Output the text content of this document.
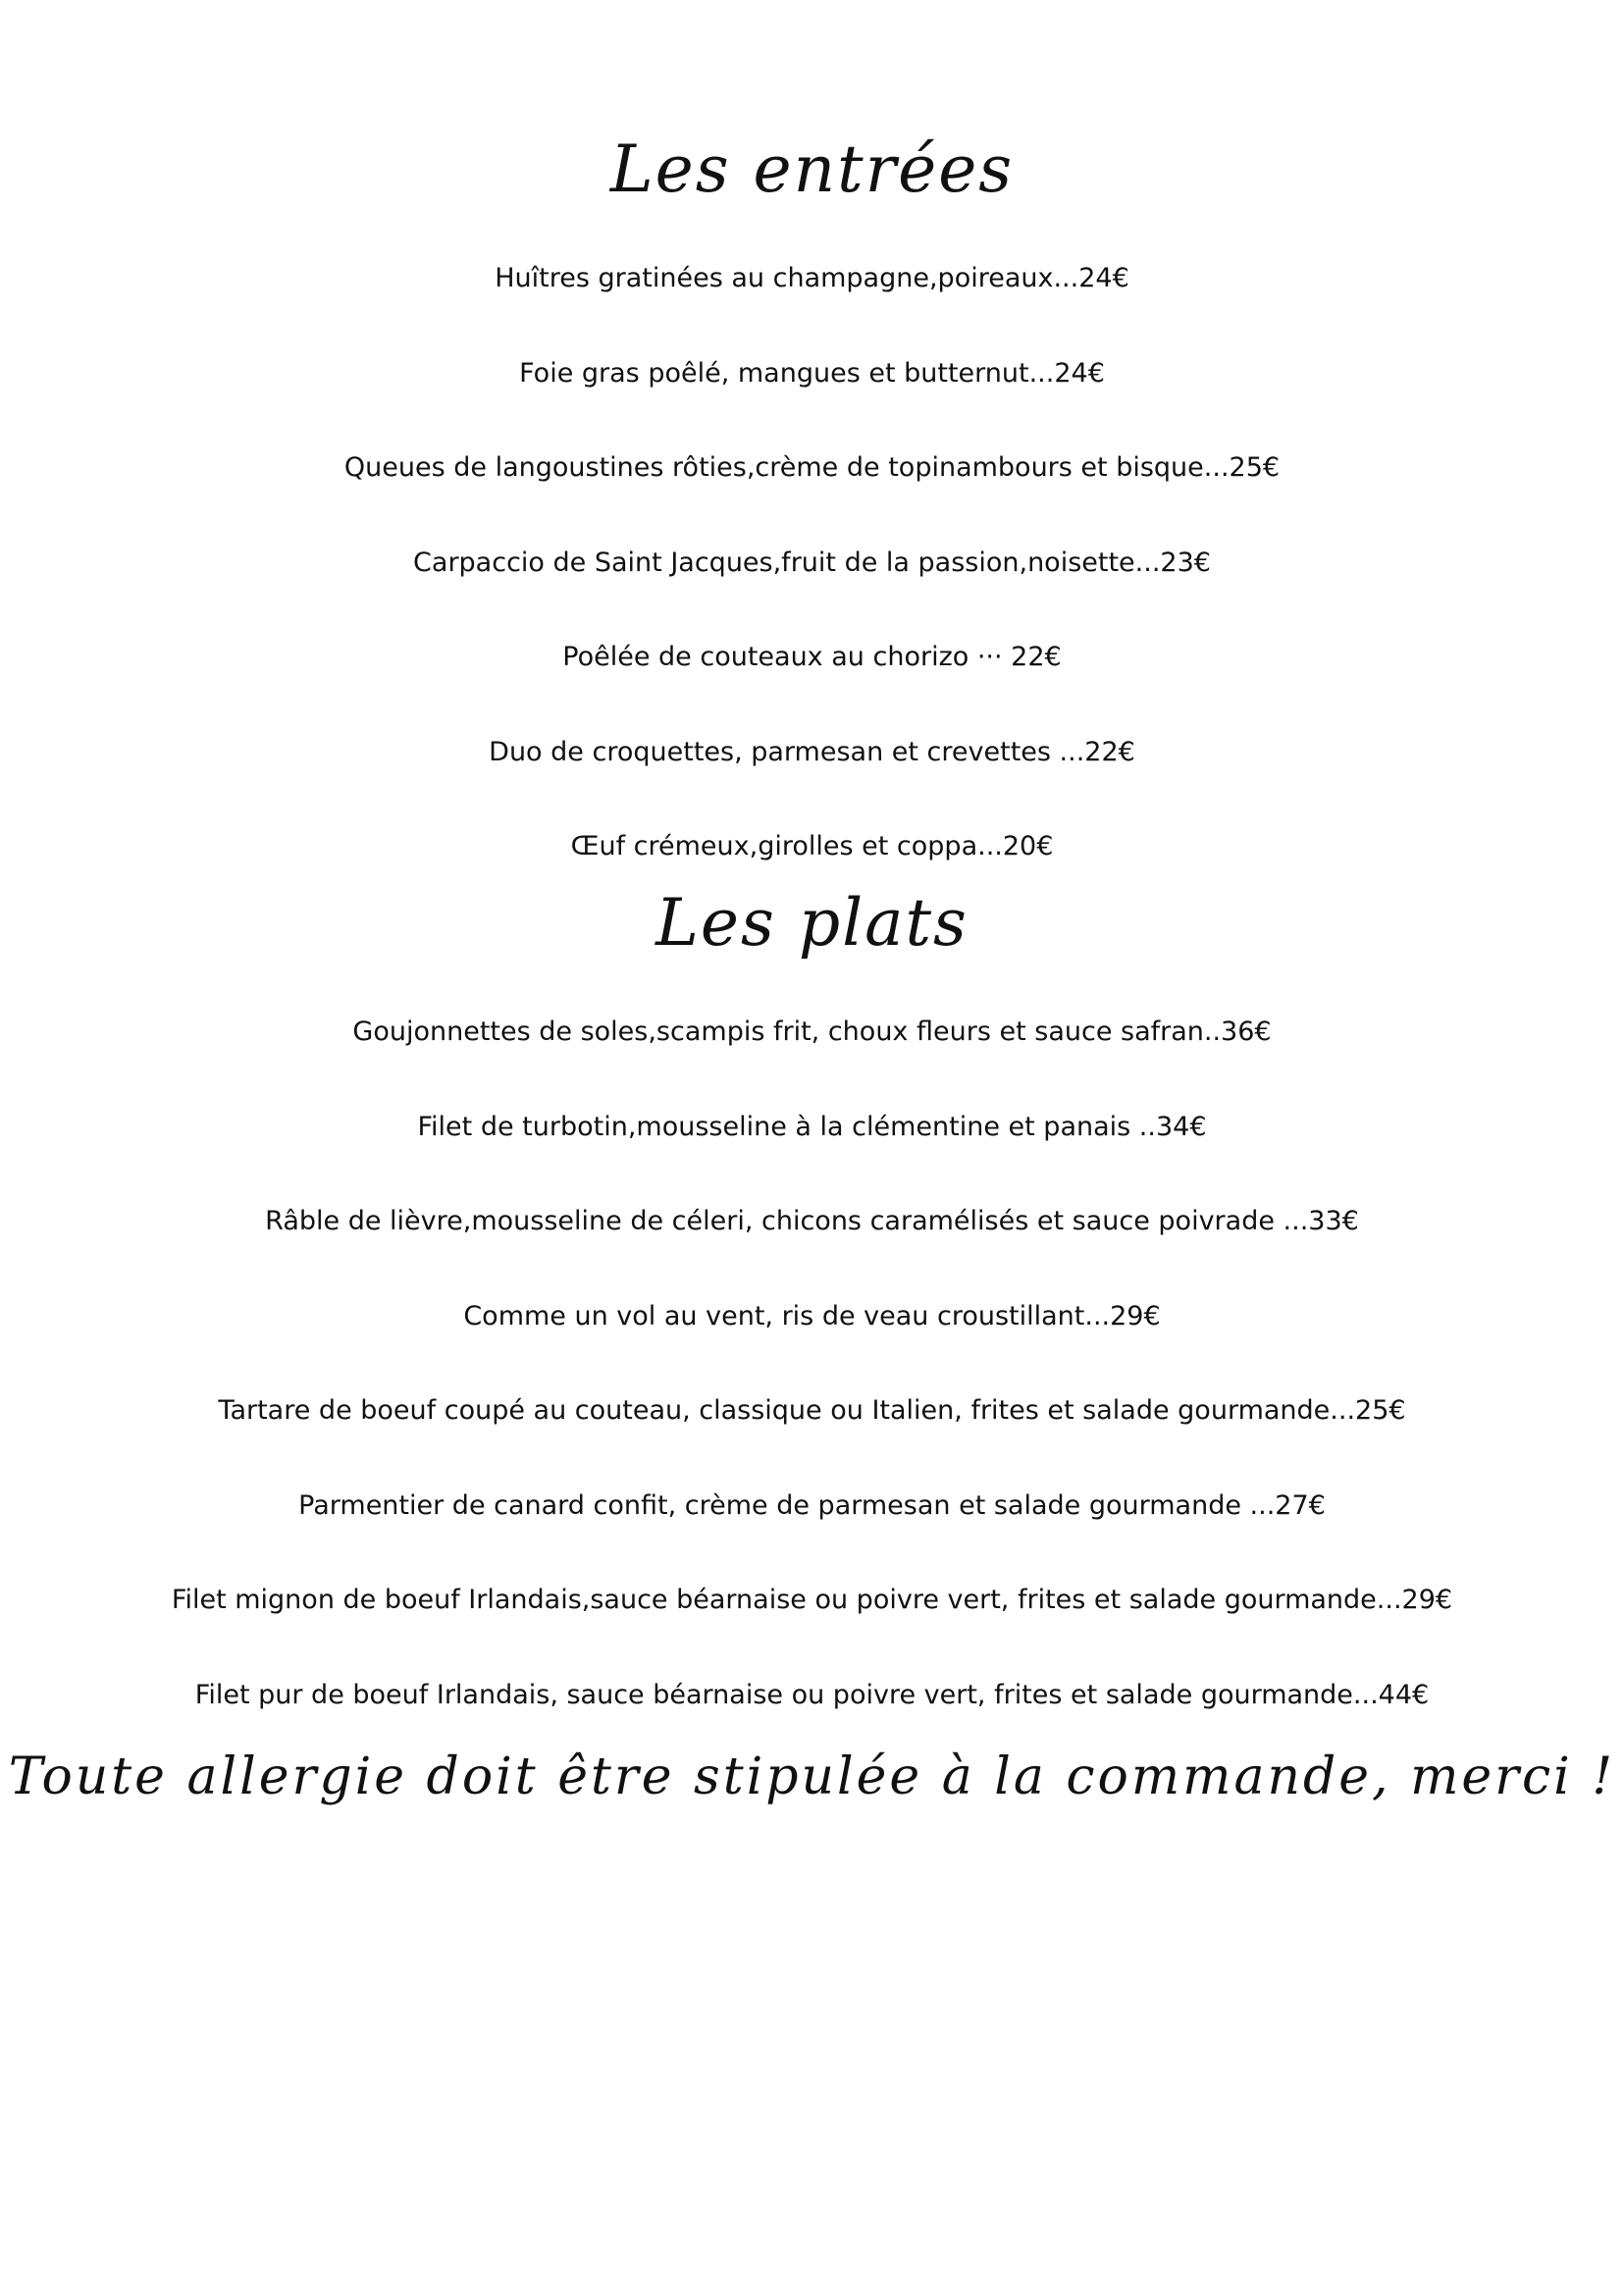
Les entrées
Huîtres gratinées au champagne,poireaux...24€
Foie gras poêlé, mangues et butternut...24€
Queues de langoustines rôties,crème de topinambours et bisque...25€
Carpaccio de Saint Jacques,fruit de la passion,noisette...23€
Poêlée de couteaux au chorizo ··· 22€
Duo de croquettes, parmesan et crevettes ...22€
Œuf crémeux,girolles et coppa...20€
Les plats
Goujonnettes de soles,scampis frit, choux fleurs et sauce safran..36€
Filet de turbotin,mousseline à la clémentine et panais ..34€
Râble de lièvre,mousseline de céleri, chicons caramélisés et sauce poivrade ...33€
Comme un vol au vent, ris de veau croustillant...29€
Tartare de boeuf coupé au couteau, classique ou Italien, frites et salade gourmande...25€
Parmentier de canard confit, crème de parmesan et salade gourmande ...27€
Filet mignon de boeuf Irlandais,sauce béarnaise ou poivre vert, frites et salade gourmande...29€
Filet pur de boeuf Irlandais, sauce béarnaise ou poivre vert, frites et salade gourmande...44€

Toute allergie doit être stipulée à la commande, merci !
